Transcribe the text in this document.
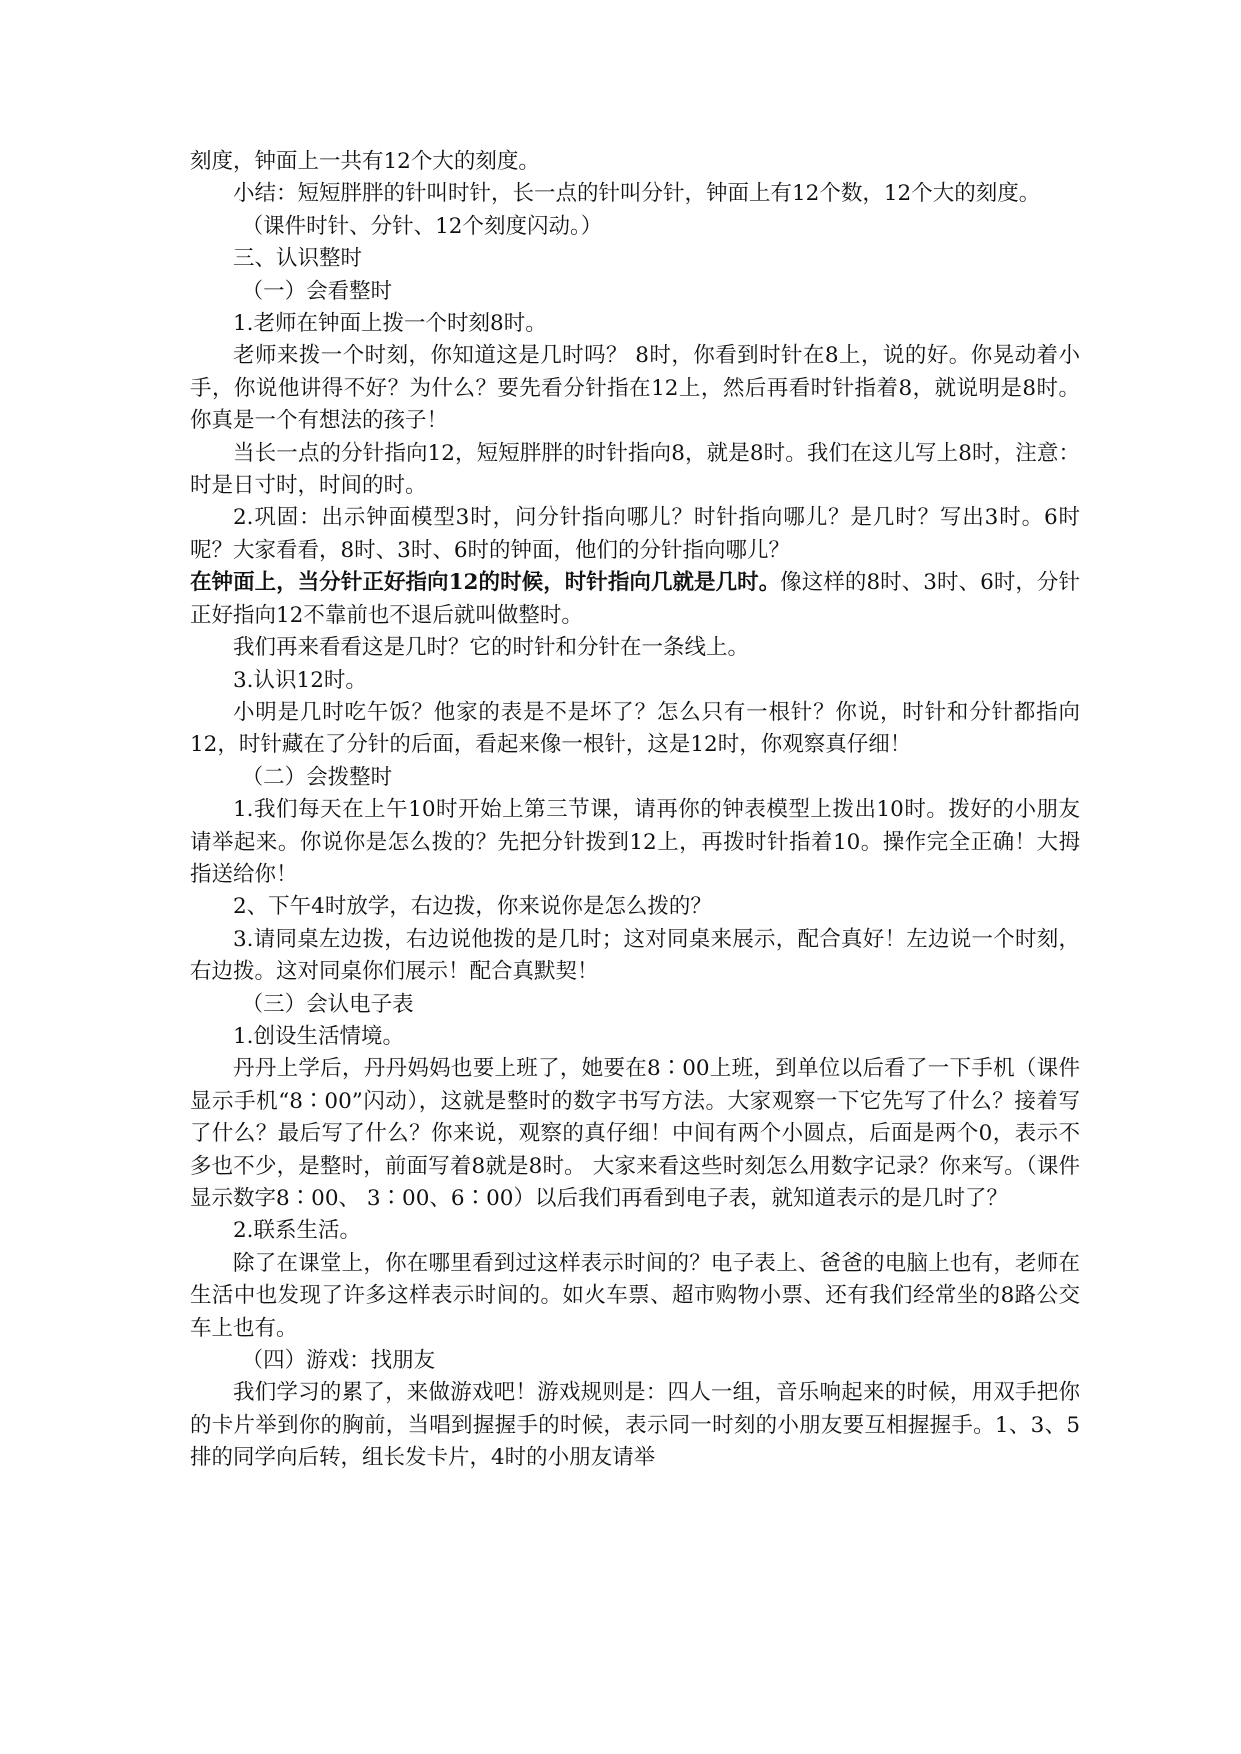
刻度，钟面上一共有12个大的刻度。

小结：短短胖胖的针叫时针，长一点的针叫分针，钟面上有12个数，12个大的刻度。

（课件时针、分针、12个刻度闪动。）

三、认识整时

（一）会看整时

1.老师在钟面上拨一个时刻8时。

老师来拨一个时刻，你知道这是几时吗？ 8时，你看到时针在8上，说的好。你晃动着小手，你说他讲得不好？为什么？要先看分针指在12上，然后再看时针指着8，就说明是8时。你真是一个有想法的孩子！

当长一点的分针指向12，短短胖胖的时针指向8，就是8时。我们在这儿写上8时，注意：时是日寸时，时间的时。

2.巩固：出示钟面模型3时，问分针指向哪儿？时针指向哪儿？是几时？写出3时。6时呢？大家看看，8时、3时、6时的钟面，他们的分针指向哪儿？

在钟面上，当分针正好指向12的时候，时针指向几就是几时。像这样的8时、3时、6时，分针正好指向12不靠前也不退后就叫做整时。

我们再来看看这是几时？它的时针和分针在一条线上。

3.认识12时。

小明是几时吃午饭？他家的表是不是坏了？怎么只有一根针？你说，时针和分针都指向12，时针藏在了分针的后面，看起来像一根针，这是12时，你观察真仔细！

（二）会拨整时

1.我们每天在上午10时开始上第三节课，请再你的钟表模型上拨出10时。拨好的小朋友请举起来。你说你是怎么拨的？先把分针拨到12上，再拨时针指着10。操作完全正确！大拇指送给你！

2、下午4时放学，右边拨，你来说你是怎么拨的？

3.请同桌左边拨，右边说他拨的是几时；这对同桌来展示，配合真好！左边说一个时刻，右边拨。这对同桌你们展示！配合真默契！

（三）会认电子表

1.创设生活情境。

丹丹上学后，丹丹妈妈也要上班了，她要在8∶00上班，到单位以后看了一下手机（课件显示手机“8∶00”闪动），这就是整时的数字书写方法。大家观察一下它先写了什么？接着写了什么？最后写了什么？你来说，观察的真仔细！中间有两个小圆点，后面是两个0，表示不多也不少，是整时，前面写着8就是8时。 大家来看这些时刻怎么用数字记录？你来写。（课件显示数字8∶00、 3∶00、6∶00）以后我们再看到电子表，就知道表示的是几时了？

2.联系生活。

除了在课堂上，你在哪里看到过这样表示时间的？电子表上、爸爸的电脑上也有，老师在生活中也发现了许多这样表示时间的。如火车票、超市购物小票、还有我们经常坐的8路公交车上也有。

（四）游戏：找朋友

我们学习的累了，来做游戏吧！游戏规则是：四人一组，音乐响起来的时候，用双手把你的卡片举到你的胸前，当唱到握握手的时候，表示同一时刻的小朋友要互相握握手。1、3、5排的同学向后转，组长发卡片，4时的小朋友请举
